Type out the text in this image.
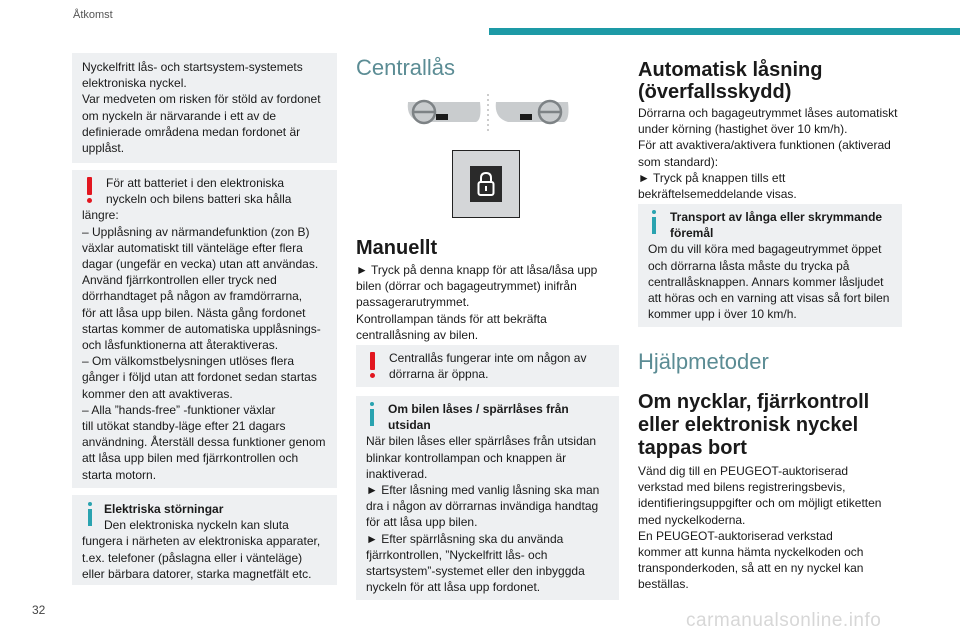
Åtkomst

Nyckelfritt lås- och startsystem-systemets

elektroniska nyckel.

Var medveten om risken för stöld av fordonet

om nyckeln är närvarande i ett av de

definierade områdena medan fordonet är

upplåst.

För att batteriet i den elektroniska

nyckeln och bilens batteri ska hålla

längre:

– Upplåsning av närmandefunktion (zon B)

växlar automatiskt till vänteläge efter flera

dagar (ungefär en vecka) utan att användas.

Använd fjärrkontrollen eller tryck ned

dörrhandtaget på någon av framdörrarna,

för att låsa upp bilen. Nästa gång fordonet

startas kommer de automatiska upplåsnings-

och låsfunktionerna att återaktiveras.

– Om välkomstbelysningen utlöses flera

gånger i följd utan att fordonet sedan startas

kommer den att avaktiveras.

– Alla ”hands-free” -funktioner växlar

till utökat standby-läge efter 21 dagars

användning. Återställ dessa funktioner genom

att låsa upp bilen med fjärrkontrollen och

starta motorn.

Elektriska störningar

Den elektroniska nyckeln kan sluta

fungera i närheten av elektroniska apparater,

t.ex. telefoner (påslagna eller i vänteläge)

eller bärbara datorer, starka magnetfält etc.

Centrallås
Manuellt
► Tryck på denna knapp för att låsa/låsa upp
bilen (dörrar och bagageutrymmet) inifrån
passagerarutrymmet.
Kontrollampan tänds för att bekräfta
centrallåsning av bilen.

Centrallås fungerar inte om någon av

dörrarna är öppna.

Om bilen låses / spärrlåses från

utsidan

När bilen låses eller spärrlåses från utsidan

blinkar kontrollampan och knappen är

inaktiverad.

► Efter låsning med vanlig låsning ska man

dra i någon av dörrarnas invändiga handtag

för att låsa upp bilen.

► Efter spärrlåsning ska du använda

fjärrkontrollen, ”Nyckelfritt lås- och

startsystem”-systemet eller den inbyggda

nyckeln för att låsa upp fordonet.

Automatisk låsning
(överfallsskydd)
Dörrarna och bagageutrymmet låses automatiskt
under körning (hastighet över 10 km/h).
För att avaktivera/aktivera funktionen (aktiverad
som standard):
► Tryck på knappen tills ett
bekräftelsemeddelande visas.

Transport av långa eller skrymmande

föremål

Om du vill köra med bagageutrymmet öppet

och dörrarna låsta måste du trycka på

centrallåsknappen. Annars kommer låsljudet

att höras och en varning att visas så fort bilen

kommer upp i över 10 km/h.

Hjälpmetoder
Om nycklar, fjärrkontroll
eller elektronisk nyckel
tappas bort
Vänd dig till en PEUGEOT-auktoriserad
verkstad med bilens registreringsbevis,
identifieringsuppgifter och om möjligt etiketten
med nyckelkoderna.
En PEUGEOT-auktoriserad verkstad
kommer att kunna hämta nyckelkoden och
transponderkoden, så att en ny nyckel kan
beställas.
32	carmanualsonline.info
